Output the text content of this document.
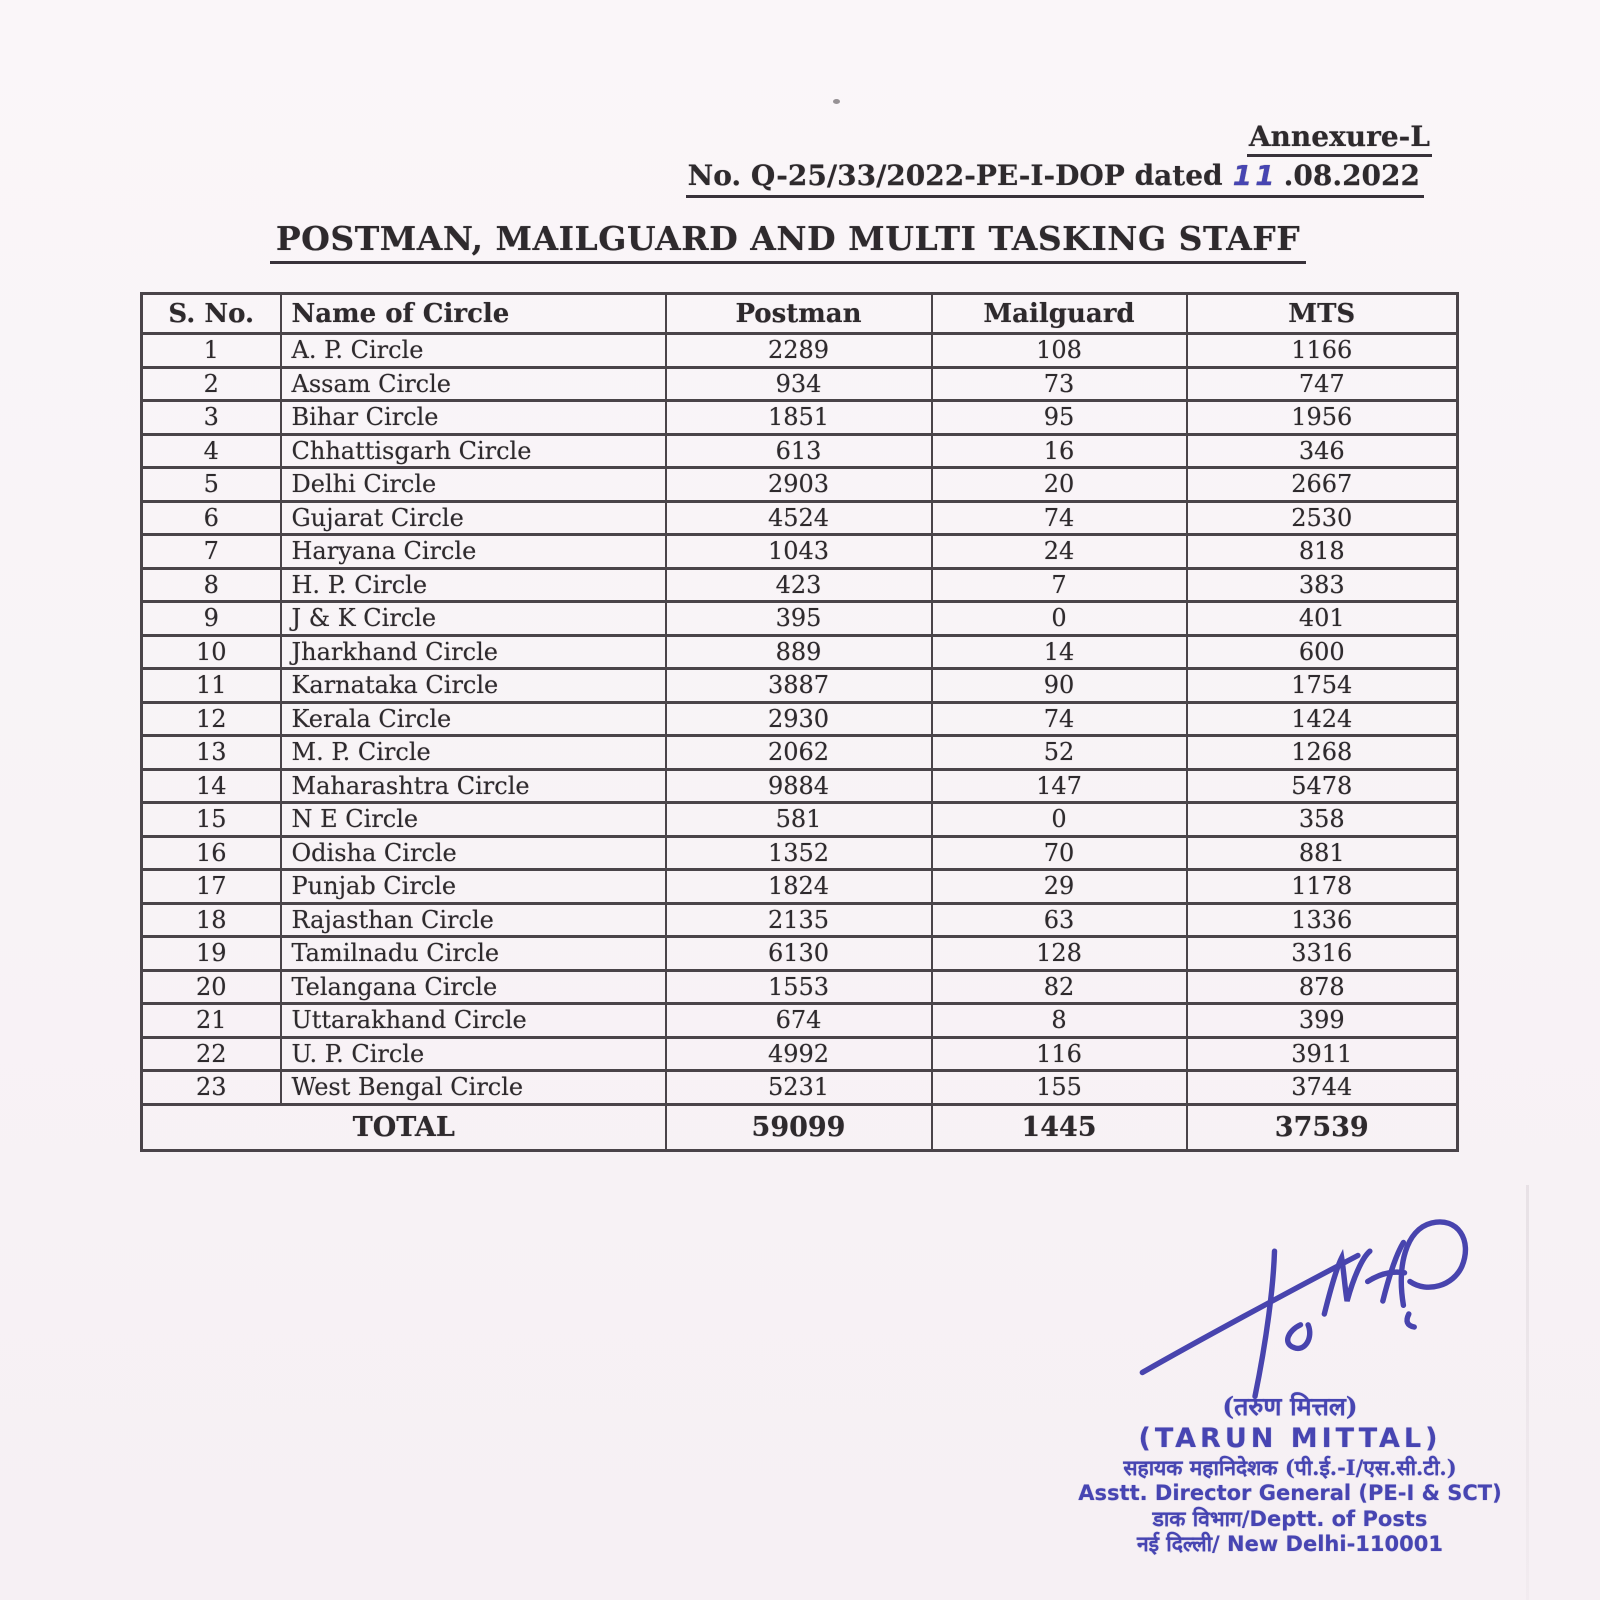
Annexure-L
No. Q-25/33/2022-PE-I-DOP dated 11 .08.2022
POSTMAN, MAILGUARD AND MULTI TASKING STAFF
S. No.	Name of Circle	Postman	Mailguard	MTS
1	A. P. Circle	2289	108	1166
2	Assam Circle	934	73	747
3	Bihar Circle	1851	95	1956
4	Chhattisgarh Circle	613	16	346
5	Delhi Circle	2903	20	2667
6	Gujarat Circle	4524	74	2530
7	Haryana Circle	1043	24	818
8	H. P. Circle	423	7	383
9	J & K Circle	395	0	401
10	Jharkhand Circle	889	14	600
11	Karnataka Circle	3887	90	1754
12	Kerala Circle	2930	74	1424
13	M. P. Circle	2062	52	1268
14	Maharashtra Circle	9884	147	5478
15	N E Circle	581	0	358
16	Odisha Circle	1352	70	881
17	Punjab Circle	1824	29	1178
18	Rajasthan Circle	2135	63	1336
19	Tamilnadu Circle	6130	128	3316
20	Telangana Circle	1553	82	878
21	Uttarakhand Circle	674	8	399
22	U. P. Circle	4992	116	3911
23	West Bengal Circle	5231	155	3744
TOTAL		59099	1445	37539
(तरुण मित्तल)
(TARUN MITTAL)
सहायक महानिदेशक (पी.ई.-I/एस.सी.टी.)
Asstt. Director General (PE-I & SCT)
डाक विभाग/Deptt. of Posts
नई दिल्ली/ New Delhi-110001
